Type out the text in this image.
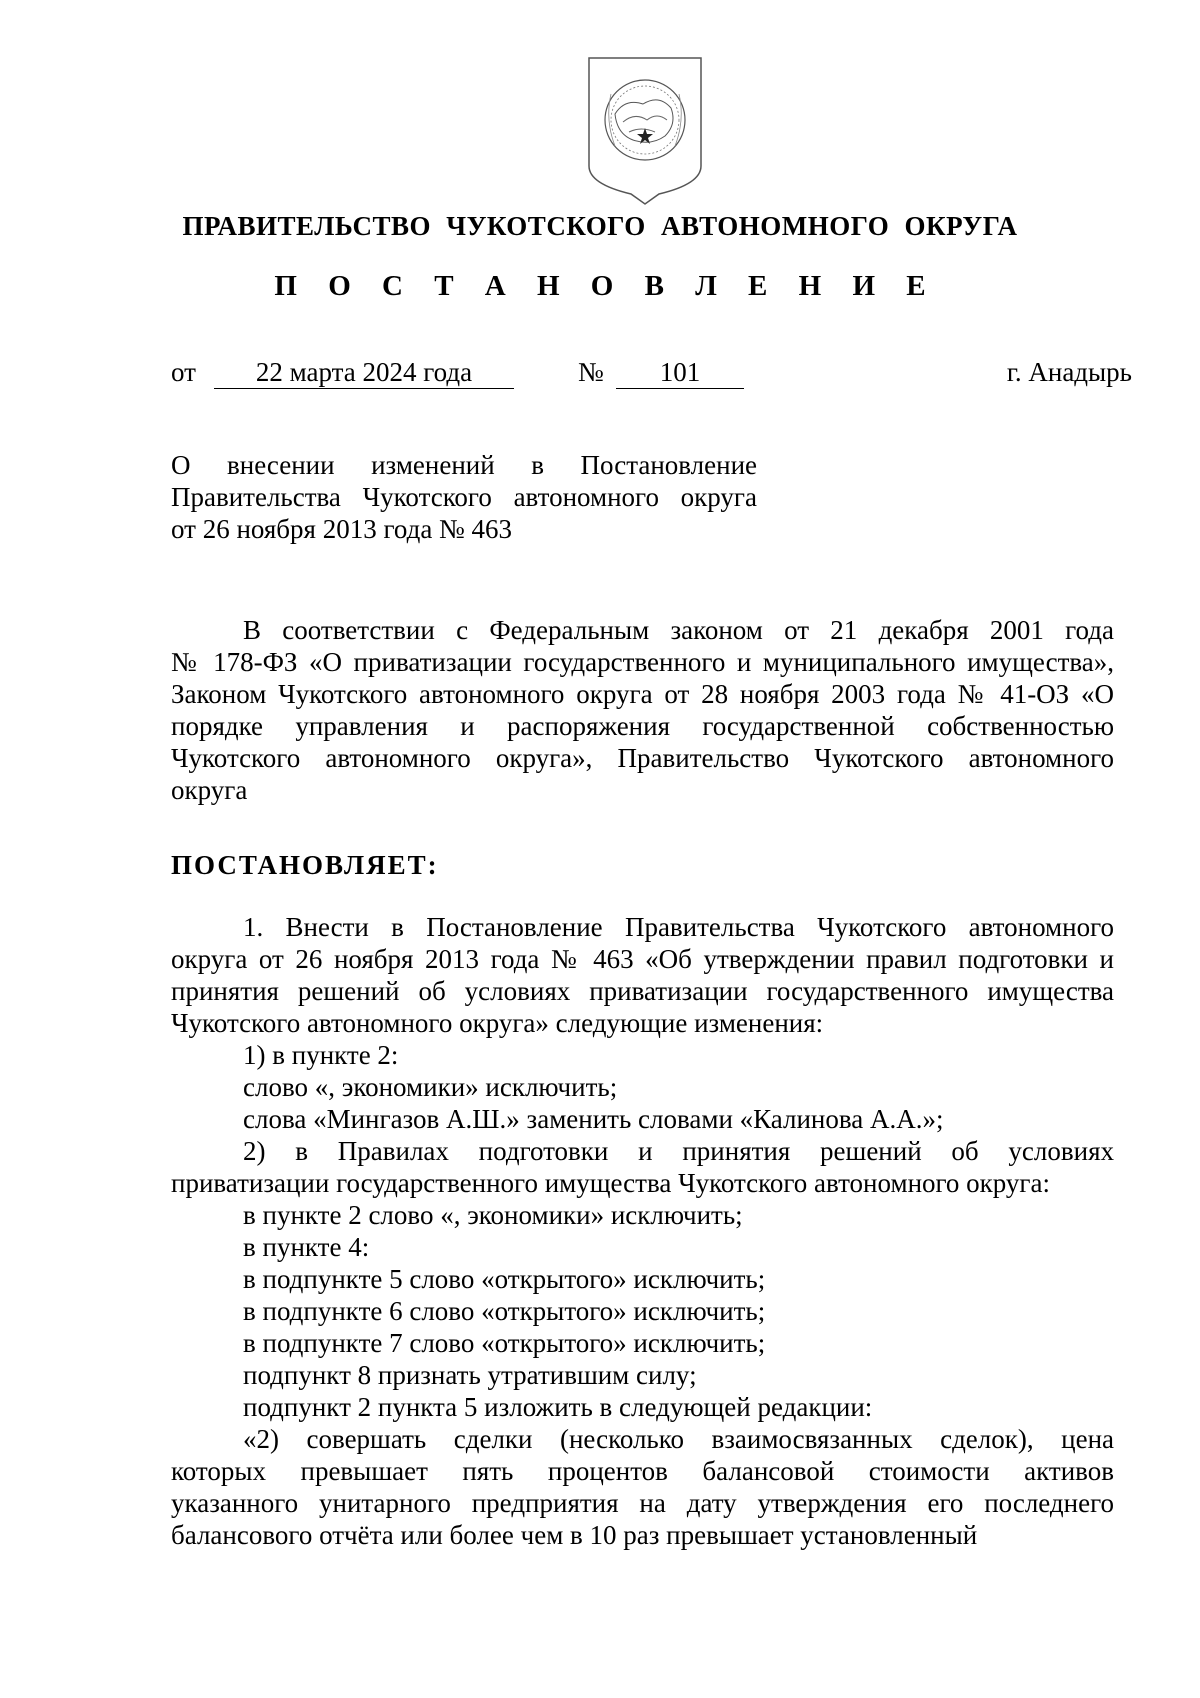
ПРАВИТЕЛЬСТВО ЧУКОТСКОГО АВТОНОМНОГО ОКРУГА
П О С Т А Н О В Л Е Н И Е
от	22 марта 2024 года	№	101	г. Анадырь
О внесении изменений в Постановление
Правительства Чукотского автономного округа
от 26 ноября 2013 года № 463
В соответствии с Федеральным законом от 21 декабря 2001 года
№ 178-ФЗ «О приватизации государственного и муниципального имущества»,
Законом Чукотского автономного округа от 28 ноября 2003 года № 41-ОЗ «О
порядке управления и распоряжения государственной собственностью
Чукотского автономного округа», Правительство Чукотского автономного
округа
ПОСТАНОВЛЯЕТ:
1. Внести в Постановление Правительства Чукотского автономного
округа от 26 ноября 2013 года № 463 «Об утверждении правил подготовки и
принятия решений об условиях приватизации государственного имущества
Чукотского автономного округа» следующие изменения:
1) в пункте 2:
слово «, экономики» исключить;
слова «Мингазов А.Ш.» заменить словами «Калинова А.А.»;
2) в Правилах подготовки и принятия решений об условиях
приватизации государственного имущества Чукотского автономного округа:
в пункте 2 слово «, экономики» исключить;
в пункте 4:
в подпункте 5 слово «открытого» исключить;
в подпункте 6 слово «открытого» исключить;
в подпункте 7 слово «открытого» исключить;
подпункт 8 признать утратившим силу;
подпункт 2 пункта 5 изложить в следующей редакции:
«2) совершать сделки (несколько взаимосвязанных сделок), цена
которых превышает пять процентов балансовой стоимости активов
указанного унитарного предприятия на дату утверждения его последнего
балансового отчёта или более чем в 10 раз превышает установленный
